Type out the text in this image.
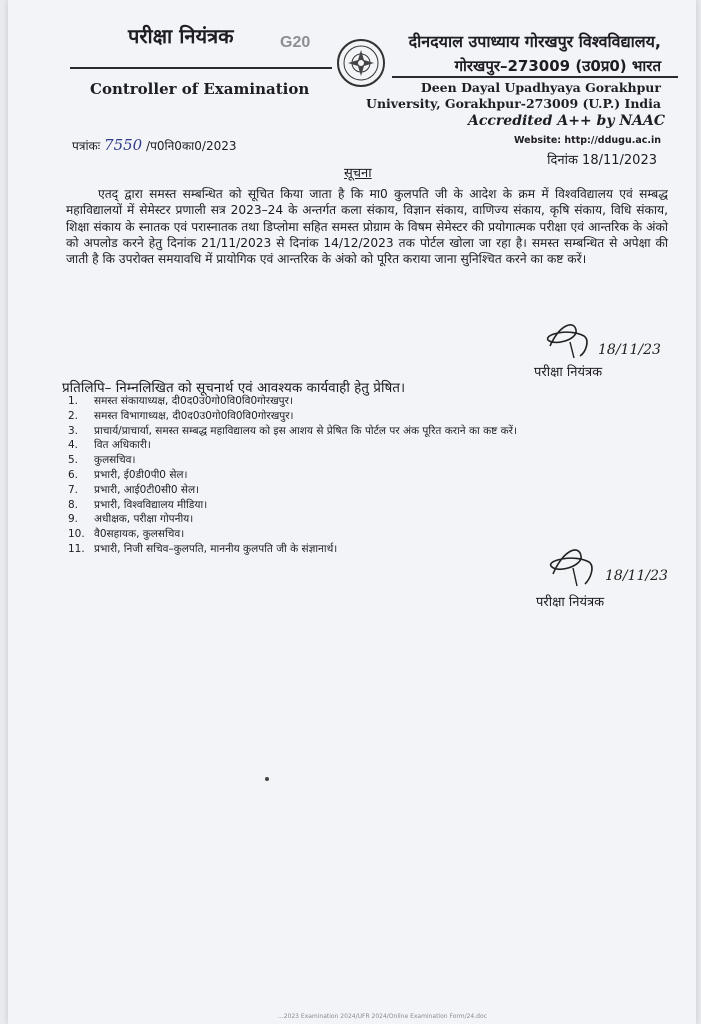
परीक्षा नियंत्रक	G20
Controller of Examination
दीनदयाल उपाध्याय गोरखपुर विश्वविद्यालय,
गोरखपुर–273009 (उ0प्र0) भारत
Deen Dayal Upadhyaya Gorakhpur
University, Gorakhpur-273009 (U.P.) India
Accredited A++ by NAAC
Website: http://ddugu.ac.in
पत्रांकः 7550 /प0नि0का0/2023
दिनांक 18/11/2023
सूचना

एतद् द्वारा समस्त सम्बन्धित को सूचित किया जाता है कि मा0 कुलपति जी के आदेश के क्रम में विश्वविद्यालय एवं सम्बद्ध महाविद्यालयों में सेमेस्टर प्रणाली सत्र 2023–24 के अन्तर्गत कला संकाय, विज्ञान संकाय, वाणिज्य संकाय, कृषि संकाय, विधि संकाय, शिक्षा संकाय के स्नातक एवं परास्नातक तथा डिप्लोमा सहित समस्त प्रोग्राम के विषम सेमेस्टर की प्रयोगात्मक परीक्षा एवं आन्तरिक के अंको को अपलोड करने हेतु दिनांक 21/11/2023 से दिनांक 14/12/2023 तक पोर्टल खोला जा रहा है। समस्त सम्बन्धित से अपेक्षा की जाती है कि उपरोक्त समयावधि में प्रायोगिक एवं आन्तरिक के अंको को पूरित कराया जाना सुनिश्चित करने का कष्ट करें।

18/11/23
परीक्षा नियंत्रक
प्रतिलिपि– निम्नलिखित को सूचनार्थ एवं आवश्यक कार्यवाही हेतु प्रेषित।
1. समस्त संकायाध्यक्ष, दी0द0उ0गो0वि0वि0गोरखपुर।
2. समस्त विभागाध्यक्ष, दी0द0उ0गो0वि0वि0गोरखपुर।
3. प्राचार्य/प्राचार्या, समस्त सम्बद्ध महाविद्यालय को इस आशय से प्रेषित कि पोर्टल पर अंक पूरित कराने का कष्ट करें।
4. वित अधिकारी।
5. कुलसचिव।
6. प्रभारी, ई0डी0पी0 सेल।
7. प्रभारी, आई0टी0सी0 सेल।
8. प्रभारी, विश्वविद्यालय मीडिया।
9. अधीक्षक, परीक्षा गोपनीय।
10. वै0सहायक, कुलसचिव।
11. प्रभारी, निजी सचिव–कुलपति, माननीय कुलपति जी के संज्ञानार्थ।
18/11/23
परीक्षा नियंत्रक
...2023 Examination 2024/UFR 2024/Online Examination Form/24.doc
